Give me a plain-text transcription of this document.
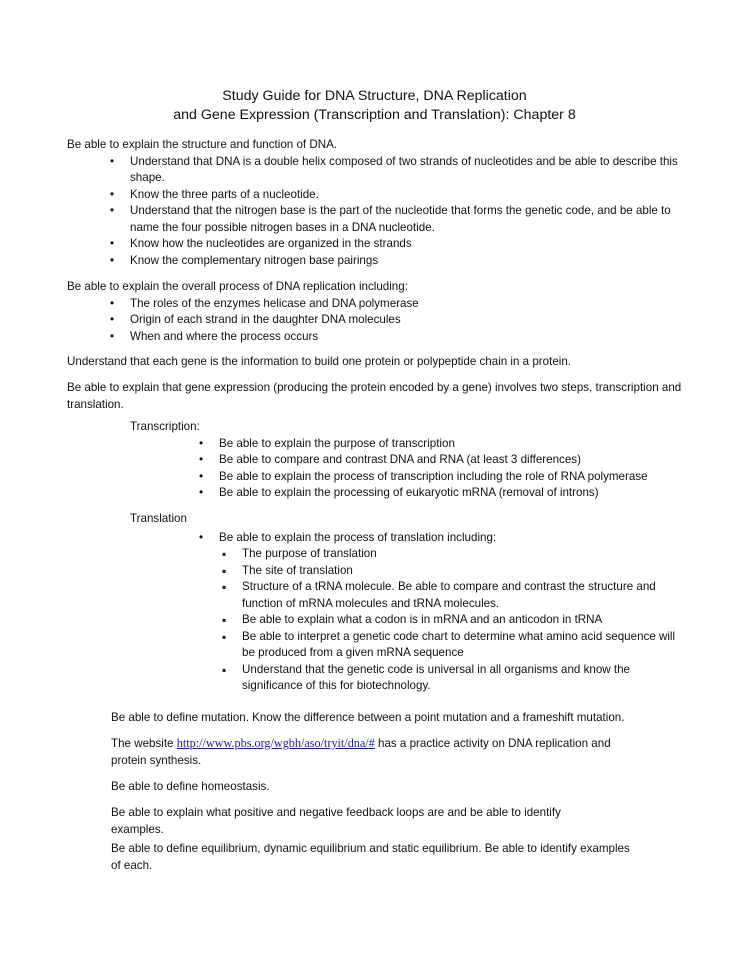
Study Guide for DNA Structure, DNA Replication
and Gene Expression (Transcription and Translation): Chapter 8

Be able to explain the structure and function of DNA.

• Understand that DNA is a double helix composed of two strands of nucleotides and be able to describe this shape.
• Know the three parts of a nucleotide.
• Understand that the nitrogen base is the part of the nucleotide that forms the genetic code, and be able to name the four possible nitrogen bases in a DNA nucleotide.
• Know how the nucleotides are organized in the strands
• Know the complementary nitrogen base pairings

Be able to explain the overall process of DNA replication including:

• The roles of the enzymes helicase and DNA polymerase
• Origin of each strand in the daughter DNA molecules
• When and where the process occurs

Understand that each gene is the information to build one protein or polypeptide chain in a protein.

Be able to explain that gene expression (producing the protein encoded by a gene) involves two steps, transcription and translation.

Transcription:

• Be able to explain the purpose of transcription
• Be able to compare and contrast DNA and RNA (at least 3 differences)
• Be able to explain the process of transcription including the role of RNA polymerase
• Be able to explain the processing of eukaryotic mRNA (removal of introns)

Translation

• Be able to explain the process of translation including:
▪ The purpose of translation
▪ The site of translation
▪ Structure of a tRNA molecule. Be able to compare and contrast the structure and function of mRNA molecules and tRNA molecules.
▪ Be able to explain what a codon is in mRNA and an anticodon in tRNA
▪ Be able to interpret a genetic code chart to determine what amino acid sequence will be produced from a given mRNA sequence
▪ Understand that the genetic code is universal in all organisms and know the significance of this for biotechnology.

Be able to define mutation. Know the difference between a point mutation and a frameshift mutation.

The website http://www.pbs.org/wgbh/aso/tryit/dna/# has a practice activity on DNA replication and protein synthesis.

Be able to define homeostasis.

Be able to explain what positive and negative feedback loops are and be able to identify examples.

Be able to define equilibrium, dynamic equilibrium and static equilibrium. Be able to identify examples of each.
